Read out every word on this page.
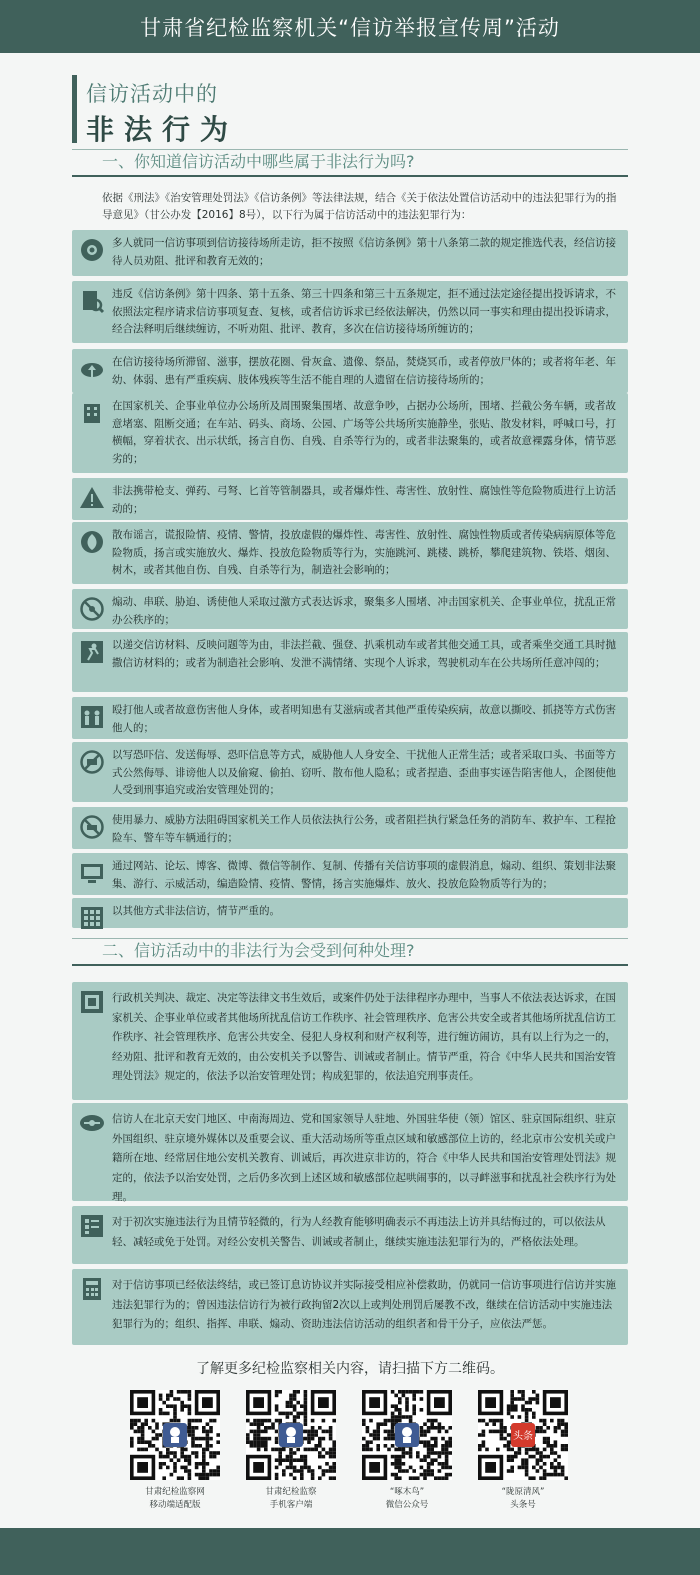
甘肃省纪检监察机关“信访举报宣传周”活动
信访活动中的
非法行为
一、你知道信访活动中哪些属于非法行为吗?
依据《刑法》《治安管理处罚法》《信访条例》等法律法规，结合《关于依法处置信访活动中的违法犯罪行为的指导意见》（甘公办发【2016】8号），以下行为属于信访活动中的违法犯罪行为：
多人就同一信访事项到信访接待场所走访，拒不按照《信访条例》第十八条第二款的规定推选代表，经信访接待人员劝阻、批评和教育无效的；
违反《信访条例》第十四条、第十五条、第三十四条和第三十五条规定，拒不通过法定途径提出投诉请求，不依照法定程序请求信访事项复查、复核，或者信访诉求已经依法解决，仍然以同一事实和理由提出投诉请求，经合法释明后继续缠访，不听劝阻、批评、教育，多次在信访接待场所缠访的；
在信访接待场所滞留、滋事，摆放花圈、骨灰盒、遗像、祭品，焚烧冥币，或者停放尸体的；或者将年老、年幼、体弱、患有严重疾病、肢体残疾等生活不能自理的人遗留在信访接待场所的；
在国家机关、企事业单位办公场所及周围聚集围堵、故意争吵，占据办公场所，围堵、拦截公务车辆，或者故意堵塞、阻断交通；在车站、码头、商场、公园、广场等公共场所实施静坐，张贴、散发材料，呼喊口号，打横幅，穿着状衣、出示状纸，扬言自伤、自残、自杀等行为的，或者非法聚集的，或者故意裸露身体，情节恶劣的；
非法携带枪支、弹药、弓弩、匕首等管制器具，或者爆炸性、毒害性、放射性、腐蚀性等危险物质进行上访活动的；
散布谣言，谎报险情、疫情、警情，投放虚假的爆炸性、毒害性、放射性、腐蚀性物质或者传染病病原体等危险物质，扬言或实施放火、爆炸、投放危险物质等行为，实施跳河、跳楼、跳桥，攀爬建筑物、铁塔、烟囱、树木，或者其他自伤、自残、自杀等行为，制造社会影响的；
煽动、串联、胁迫、诱使他人采取过激方式表达诉求，聚集多人围堵、冲击国家机关、企事业单位，扰乱正常办公秩序的；
以递交信访材料、反映问题等为由，非法拦截、强登、扒乘机动车或者其他交通工具，或者乘坐交通工具时抛撒信访材料的；或者为制造社会影响、发泄不满情绪、实现个人诉求，驾驶机动车在公共场所任意冲闯的；
殴打他人或者故意伤害他人身体，或者明知患有艾滋病或者其他严重传染疾病，故意以撕咬、抓挠等方式伤害他人的；
以写恐吓信、发送侮辱、恐吓信息等方式，威胁他人人身安全、干扰他人正常生活；或者采取口头、书面等方式公然侮辱、诽谤他人以及偷窥、偷拍、窃听、散布他人隐私；或者捏造、歪曲事实诬告陷害他人，企图使他人受到刑事追究或治安管理处罚的；
使用暴力、威胁方法阻碍国家机关工作人员依法执行公务，或者阻拦执行紧急任务的消防车、救护车、工程抢险车、警车等车辆通行的；
通过网站、论坛、博客、微博、微信等制作、复制、传播有关信访事项的虚假消息，煽动、组织、策划非法聚集、游行、示威活动，编造险情、疫情、警情，扬言实施爆炸、放火、投放危险物质等行为的；
以其他方式非法信访，情节严重的。
二、信访活动中的非法行为会受到何种处理?
行政机关判决、裁定、决定等法律文书生效后，或案件仍处于法律程序办理中，当事人不依法表达诉求，在国家机关、企事业单位或者其他场所扰乱信访工作秩序、社会管理秩序、危害公共安全或者其他场所扰乱信访工作秩序、社会管理秩序、危害公共安全、侵犯人身权利和财产权利等，进行缠访闹访，具有以上行为之一的，经劝阻、批评和教育无效的，由公安机关予以警告、训诫或者制止。情节严重，符合《中华人民共和国治安管理处罚法》规定的，依法予以治安管理处罚；构成犯罪的，依法追究刑事责任。
信访人在北京天安门地区、中南海周边、党和国家领导人驻地、外国驻华使（领）馆区、驻京国际组织、驻京外国组织、驻京境外媒体以及重要会议、重大活动场所等重点区域和敏感部位上访的，经北京市公安机关或户籍所在地、经常居住地公安机关教育、训诫后，再次进京非访的，符合《中华人民共和国治安管理处罚法》规定的，依法予以治安处罚，之后仍多次到上述区域和敏感部位起哄闹事的，以寻衅滋事和扰乱社会秩序行为处理。
对于初次实施违法行为且情节轻微的，行为人经教育能够明确表示不再违法上访并具结悔过的，可以依法从轻、减轻或免于处罚。对经公安机关警告、训诫或者制止，继续实施违法犯罪行为的，严格依法处理。
对于信访事项已经依法终结，或已签订息访协议并实际接受相应补偿救助，仍就同一信访事项进行信访并实施违法犯罪行为的；曾因违法信访行为被行政拘留2次以上或判处刑罚后屡教不改，继续在信访活动中实施违法犯罪行为的；组织、指挥、串联、煽动、资助违法信访活动的组织者和骨干分子，应依法严惩。
了解更多纪检监察相关内容，请扫描下方二维码。
甘肃纪检监察网
移动端适配版
甘肃纪检监察
手机客户端
“啄木鸟”
微信公众号
头条
“陇原清风”
头条号
